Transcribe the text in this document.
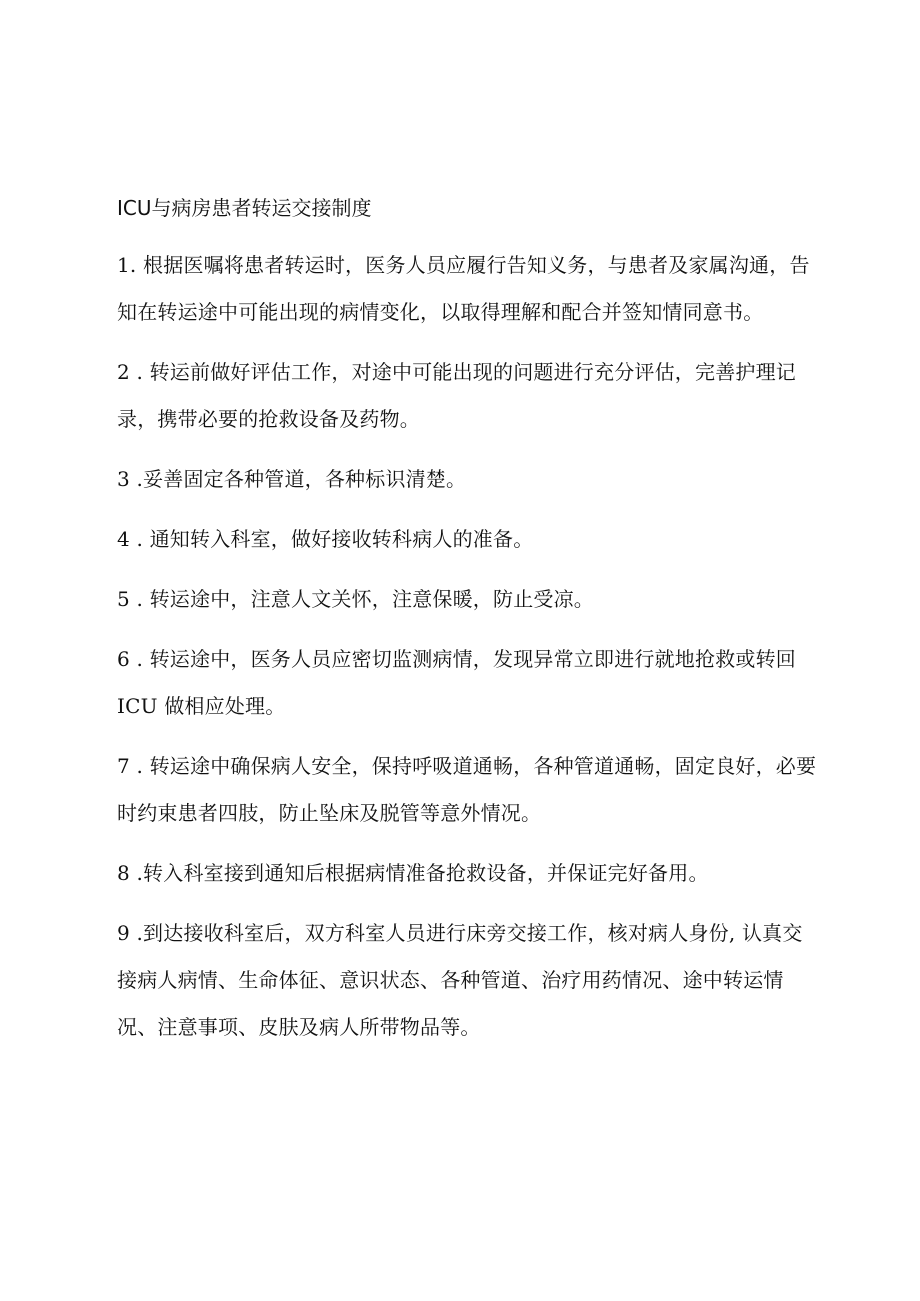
ICU与病房患者转运交接制度
1. 根据医嘱将患者转运时，医务人员应履行告知义务，与患者及家属沟通，告知在转运途中可能出现的病情变化，以取得理解和配合并签知情同意书。
2 . 转运前做好评估工作，对途中可能出现的问题进行充分评估，完善护理记录，携带必要的抢救设备及药物。
3 .妥善固定各种管道，各种标识清楚。
4 . 通知转入科室，做好接收转科病人的准备。
5 . 转运途中，注意人文关怀，注意保暖，防止受凉。
6 . 转运途中，医务人员应密切监测病情，发现异常立即进行就地抢救或转回 ICU 做相应处理。
7 . 转运途中确保病人安全，保持呼吸道通畅，各种管道通畅，固定良好，必要时约束患者四肢，防止坠床及脱管等意外情况。
8 .转入科室接到通知后根据病情准备抢救设备，并保证完好备用。
9 .到达接收科室后，双方科室人员进行床旁交接工作，核对病人身份, 认真交接病人病情、生命体征、意识状态、各种管道、治疗用药情况、途中转运情况、注意事项、皮肤及病人所带物品等。
